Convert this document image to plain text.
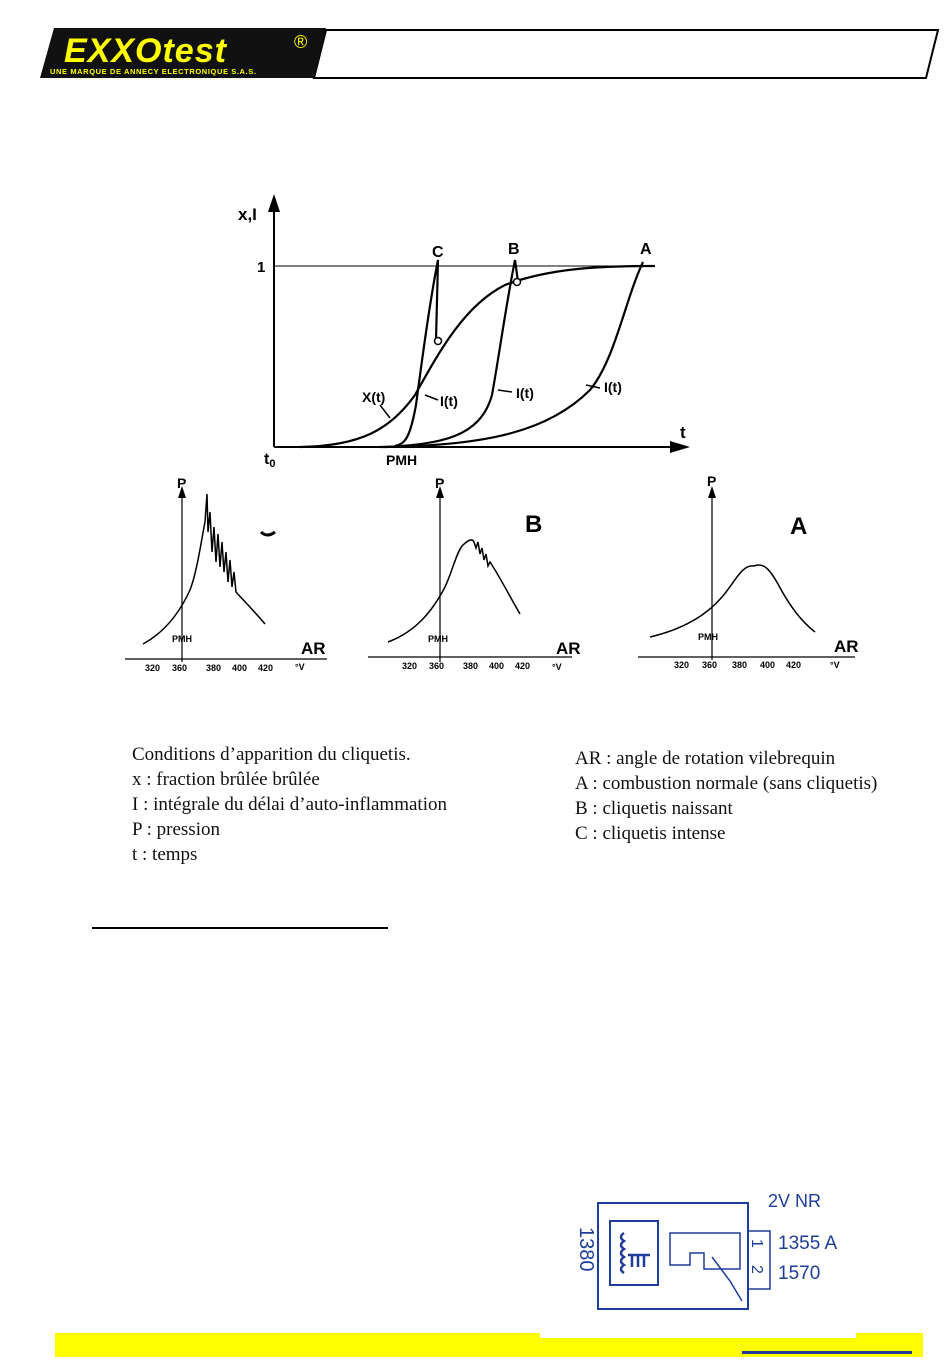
EXXOtest	®
UNE MARQUE DE ANNECY ELECTRONIQUE S.A.S.
x,I
1
t
t0	PMH
C	B	A
X(t)	I(t)	I(t)	I(t)
P
PMH	AR
°V
320 360 380 400 420
P
B
PMH	AR
°V
320 360 380 400 420
P
A
PMH	AR
°V
320 360 380 400 420
Conditions d’apparition du cliquetis.
x : fraction brûlée brûlée
I : intégrale du délai d’auto-inflammation
P : pression
t : temps
AR : angle de rotation vilebrequin
A : combustion normale (sans cliquetis)
B : cliquetis naissant
C : cliquetis intense
2V NR
1380	1
2
1355 A
1570
